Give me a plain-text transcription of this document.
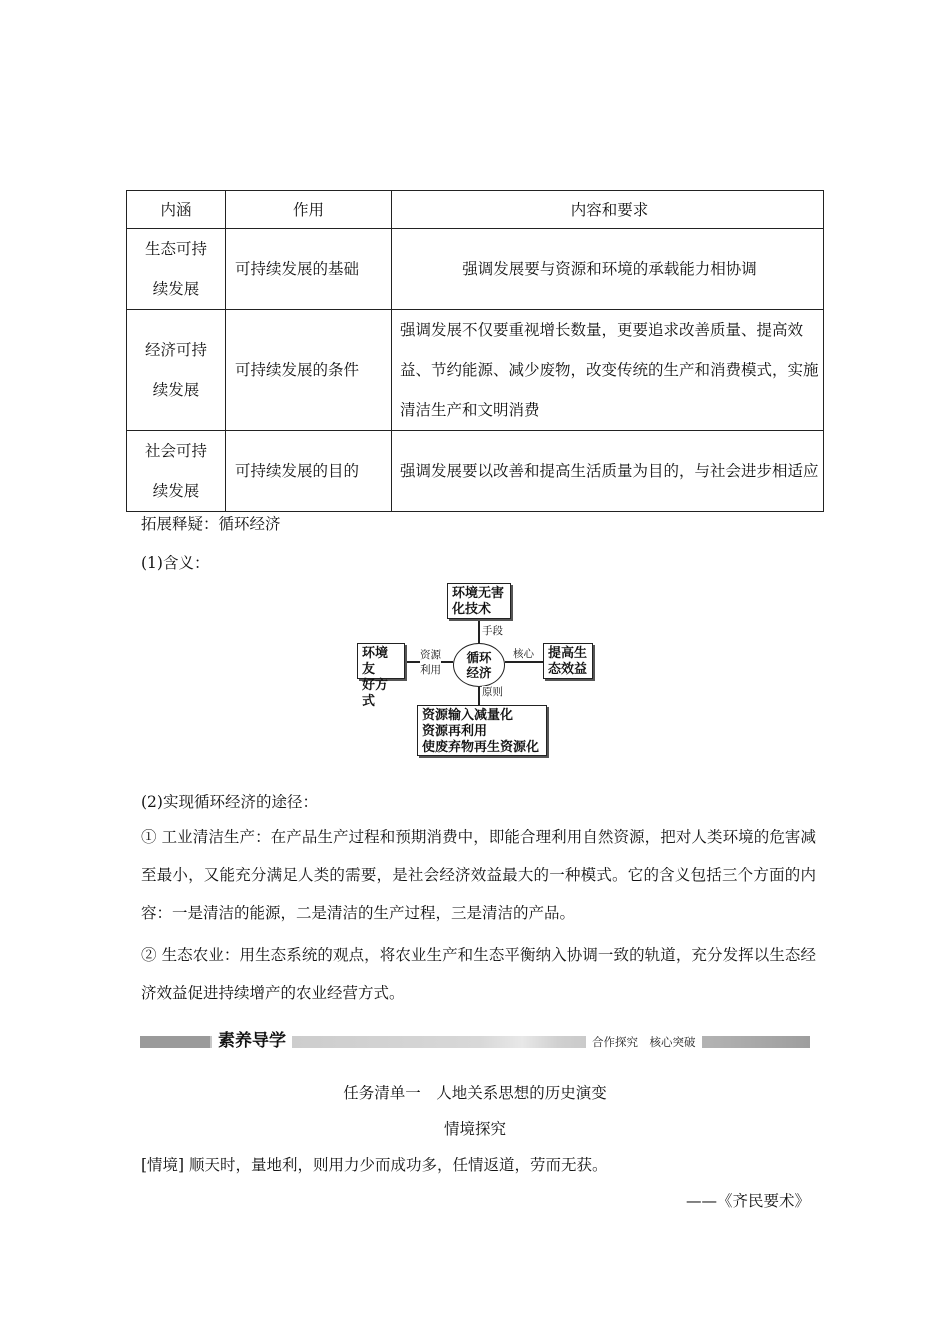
内涵	作用	内容和要求
生态可持
续发展	可持续发展的基础	强调发展要与资源和环境的承载能力相协调
经济可持
续发展	可持续发展的条件	强调发展不仅要重视增长数量，更要追求改善质量、提高效益、节约能源、减少废物，改变传统的生产和消费模式，实施清洁生产和文明消费
社会可持
续发展	可持续发展的目的	强调发展要以改善和提高生活质量为目的，与社会进步相适应
拓展释疑：循环经济
(1)含义：
循环
经济
环境无害
化技术
环境友
好方式
提高生
态效益
资源输入减量化
资源再利用
使废弃物再生资源化
手段
资源
利用
核心
原则
(2)实现循环经济的途径：
① 工业清洁生产：在产品生产过程和预期消费中，即能合理利用自然资源，把对人类环境的危害减至最小，又能充分满足人类的需要，是社会经济效益最大的一种模式。它的含义包括三个方面的内容：一是清洁的能源，二是清洁的生产过程，三是清洁的产品。
② 生态农业：用生态系统的观点，将农业生产和生态平衡纳入协调一致的轨道，充分发挥以生态经济效益促进持续增产的农业经营方式。
素养导学	合作探究　核心突破
任务清单一　人地关系思想的历史演变
情境探究
[情境] 顺天时，量地利，则用力少而成功多，任情返道，劳而无获。
——《齐民要术》
